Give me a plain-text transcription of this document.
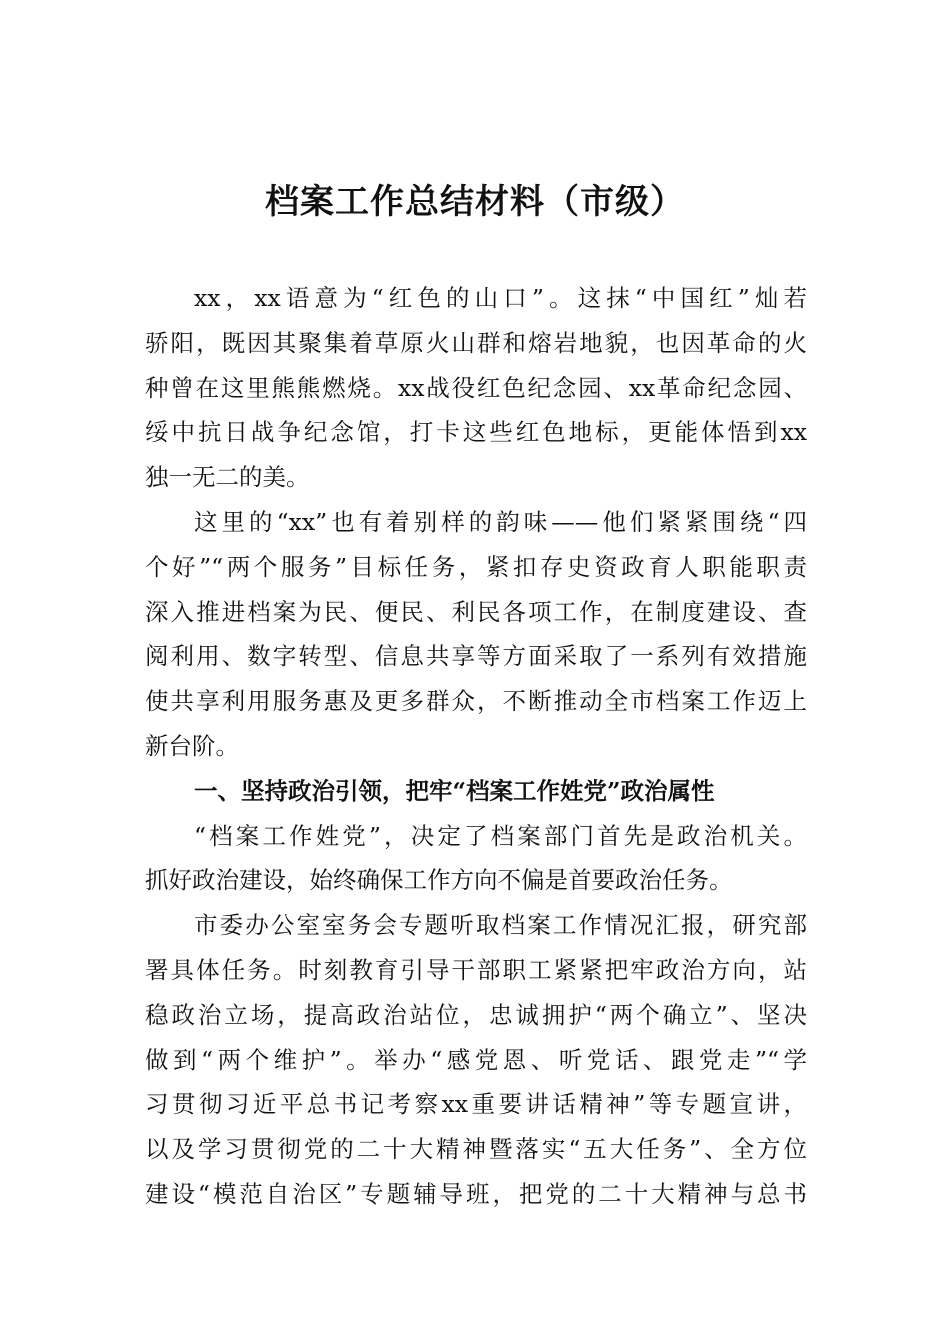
档案工作总结材料（市级）
xx，xx语意为“红色的山口”。这抹“中国红”灿若
骄阳，既因其聚集着草原火山群和熔岩地貌，也因革命的火
种曾在这里熊熊燃烧。xx战役红色纪念园、xx革命纪念园、
绥中抗日战争纪念馆，打卡这些红色地标，更能体悟到xx
独一无二的美。
这里的“xx”也有着别样的韵味——他们紧紧围绕“四
个好”“两个服务”目标任务，紧扣存史资政育人职能职责
深入推进档案为民、便民、利民各项工作，在制度建设、查
阅利用、数字转型、信息共享等方面采取了一系列有效措施
使共享利用服务惠及更多群众，不断推动全市档案工作迈上
新台阶。
一、坚持政治引领，把牢“档案工作姓党”政治属性
“档案工作姓党”，决定了档案部门首先是政治机关。
抓好政治建设，始终确保工作方向不偏是首要政治任务。
市委办公室室务会专题听取档案工作情况汇报，研究部
署具体任务。时刻教育引导干部职工紧紧把牢政治方向，站
稳政治立场，提高政治站位，忠诚拥护“两个确立”、坚决
做到“两个维护”。举办“感党恩、听党话、跟党走”“学
习贯彻习近平总书记考察xx重要讲话精神”等专题宣讲，
以及学习贯彻党的二十大精神暨落实“五大任务”、全方位
建设“模范自治区”专题辅导班，把党的二十大精神与总书
